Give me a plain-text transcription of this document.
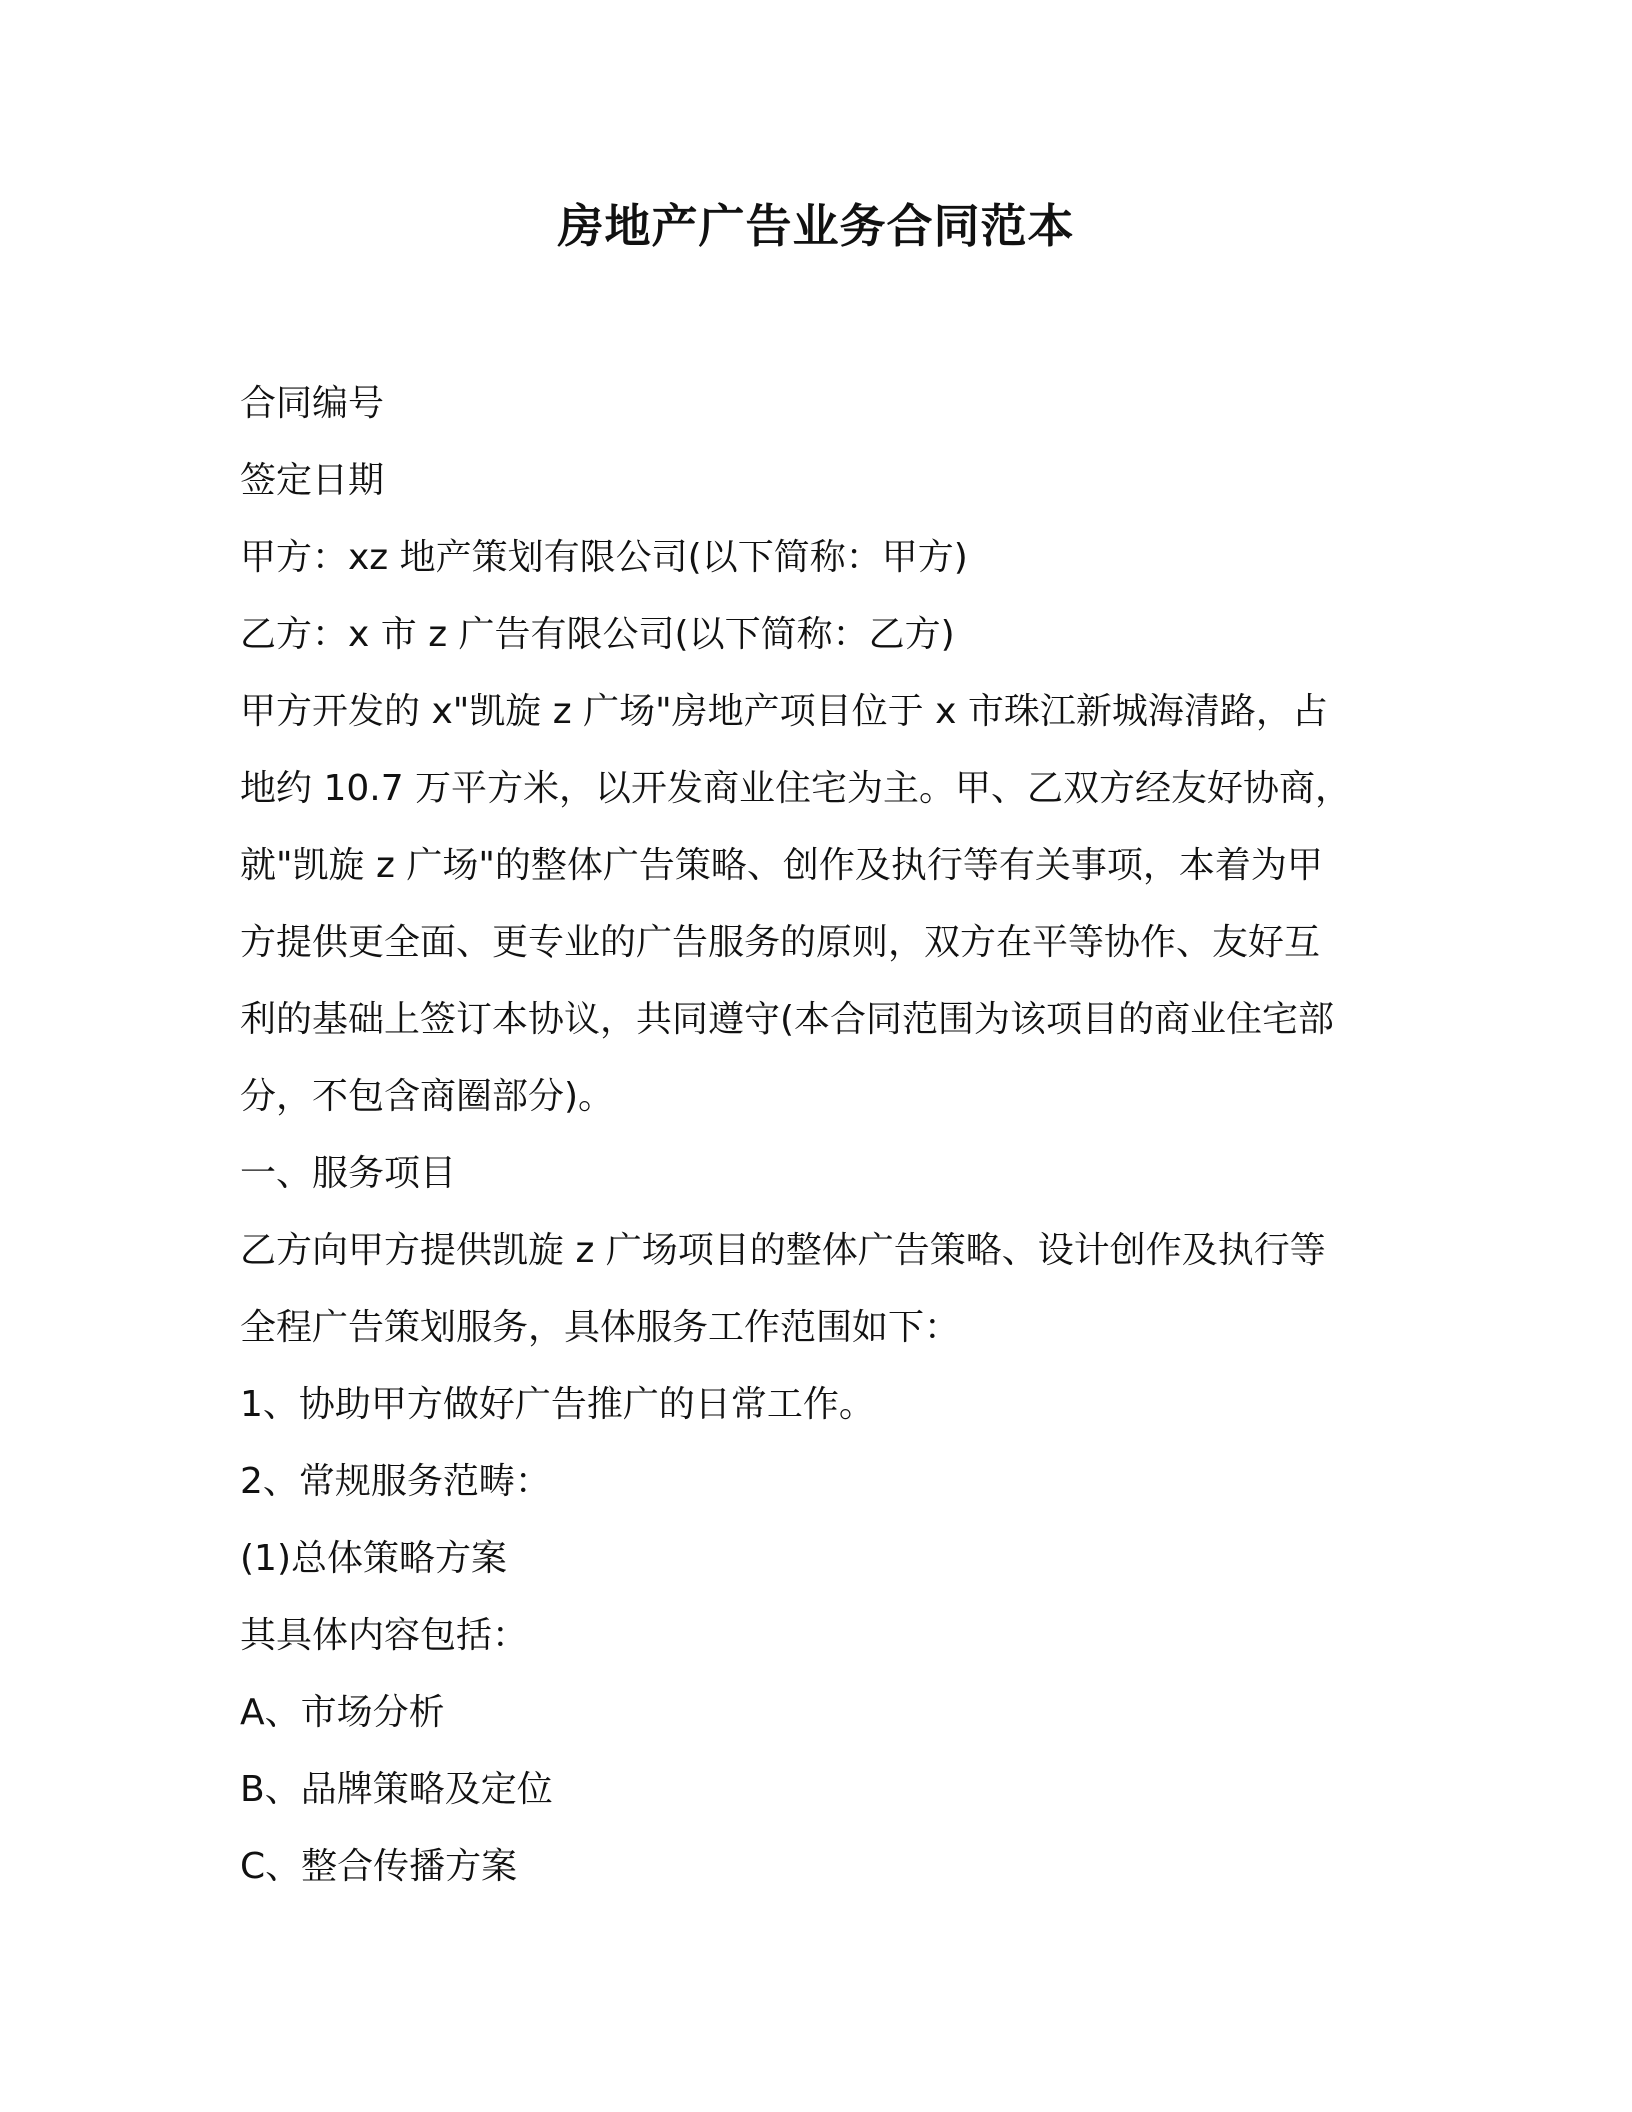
房地产广告业务合同范本
合同编号
签定日期
甲方：xz 地产策划有限公司(以下简称：甲方)
乙方：x 市 z 广告有限公司(以下简称：乙方)
甲方开发的 x"凯旋 z 广场"房地产项目位于 x 市珠江新城海清路，占
地约 10.7 万平方米，以开发商业住宅为主。甲、乙双方经友好协商，
就"凯旋 z 广场"的整体广告策略、创作及执行等有关事项，本着为甲
方提供更全面、更专业的广告服务的原则，双方在平等协作、友好互
利的基础上签订本协议，共同遵守(本合同范围为该项目的商业住宅部
分，不包含商圈部分)。
一、服务项目
乙方向甲方提供凯旋 z 广场项目的整体广告策略、设计创作及执行等
全程广告策划服务，具体服务工作范围如下：
1、协助甲方做好广告推广的日常工作。
2、常规服务范畴：
(1)总体策略方案
其具体内容包括：
A、市场分析
B、品牌策略及定位
C、整合传播方案
